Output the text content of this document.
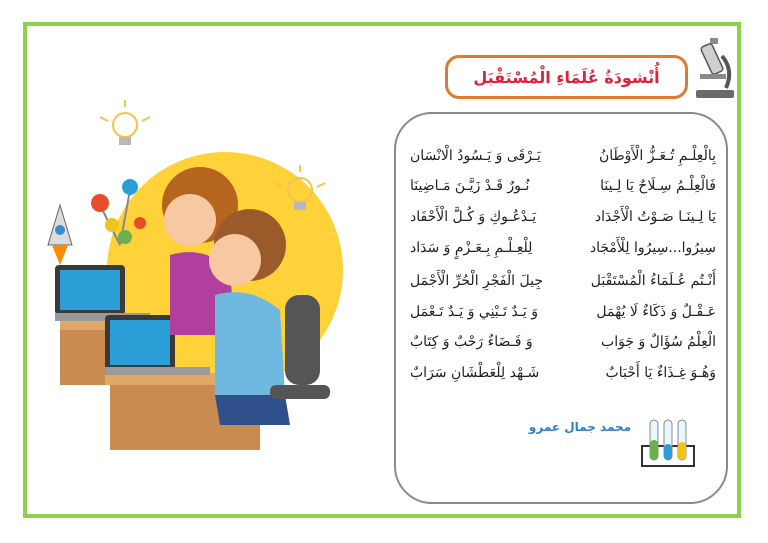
أُنْشودَةُ عُلَمَاءِ الْمُسْتَقْبَل
بِالْعِلْـمِ تُـعَـزُّ الْأَوْطَانُ
يَـرْقَى وَ يَـسُودُ الْانْسَان
فَالْعِلْـمُ سِـلَاحٌ يَا لِـينَا
نُـورٌ قَـدْ زَيَّـنَ مَـاضِينَا
يَا لِـينَـا صَـوْتُ الْأَجْدَاد
يَـدْعُـوكِ وَ كُـلَّ الْأَحْفَاد
سِيرُوا...سِيرُوا لِلْأَمْجَاد
لِلْعِـلْـمِ بِـعَـزْمٍ وَ سَدَاد
أَنْـتُم عُـلَمَاءُ الْمُسْتَقْبَل
جِيلَ الْفَجْرِ الْحُرِّ الْأَجْمَل
عَـقْـلٌ وَ ذَكَاءٌ لَا يُهْمَل
وَ يَـدٌ تَـبْنِي وَ يَـدٌ تَـعْمَل
الْعِلْمُ سُؤَالٌ وَ جَوَاب
وَ فَـضَاءٌ رَحْبٌ وَ كِتَابٌ
وَهُـوَ غِـذَاءٌ يَا أَحْبَابٌ
شَـهْد لِلْعَطْشَانِ سَرَابٌ
محمد جمال عمرو
